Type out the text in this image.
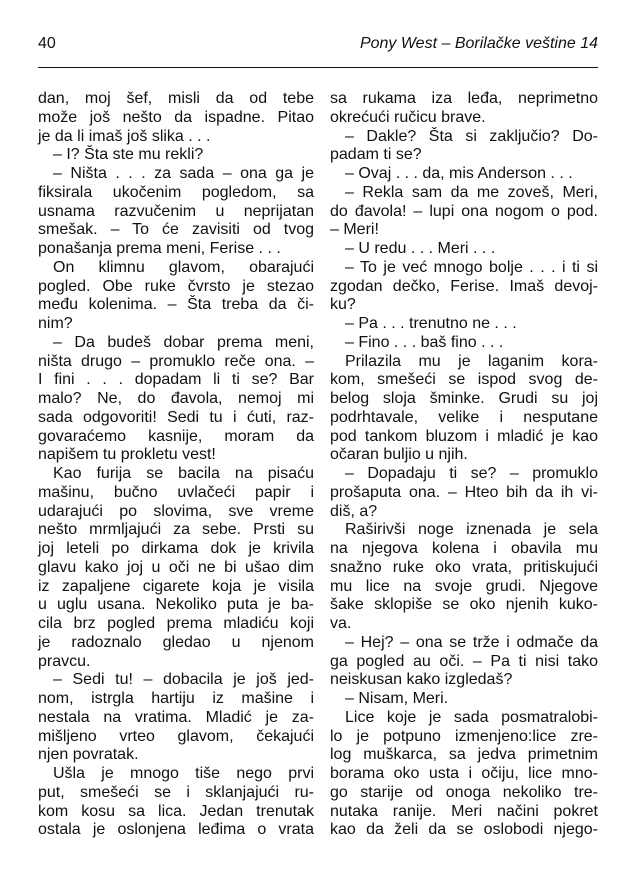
40	Pony West – Borilačke veštine 14
dan, moj šef, misli da od tebe
može još nešto da ispadne. Pitao
je da li imaš još slika . . .
– I? Šta ste mu rekli?
– Ništa . . . za sada – ona ga je
fiksirala ukočenim pogledom, sa
usnama razvučenim u neprijatan
smešak. – To će zavisiti od tvog
ponašanja prema meni, Ferise . . .
On klimnu glavom, obarajući
pogled. Obe ruke čvrsto je stezao
među kolenima. – Šta treba da či-
nim?
– Da budeš dobar prema meni,
ništa drugo – promuklo reče ona. –
I fini . . . dopadam li ti se? Bar
malo? Ne, do đavola, nemoj mi
sada odgovoriti! Sedi tu i ćuti, raz-
govaraćemo kasnije, moram da
napišem tu prokletu vest!
Kao furija se bacila na pisaću
mašinu, bučno uvlačeći papir i
udarajući po slovima, sve vreme
nešto mrmljajući za sebe. Prsti su
joj leteli po dirkama dok je krivila
glavu kako joj u oči ne bi ušao dim
iz zapaljene cigarete koja je visila
u uglu usana. Nekoliko puta je ba-
cila brz pogled prema mladiću koji
je radoznalo gledao u njenom
pravcu.
– Sedi tu! – dobacila je još jed-
nom, istrgla hartiju iz mašine i
nestala na vratima. Mladić je za-
mišljeno vrteo glavom, čekajući
njen povratak.
Ušla je mnogo tiše nego prvi
put, smešeći se i sklanjajući ru-
kom kosu sa lica. Jedan trenutak
ostala je oslonjena leđima o vrata
sa rukama iza leđa, neprimetno
okrećući ručicu brave.
– Dakle? Šta si zaključio? Do-
padam ti se?
– Ovaj . . . da, mis Anderson . . .
– Rekla sam da me zoveš, Meri,
do đavola! – lupi ona nogom o pod.
– Meri!
– U redu . . . Meri . . .
– To je već mnogo bolje . . . i ti si
zgodan dečko, Ferise. Imaš devoj-
ku?
– Pa . . . trenutno ne . . .
– Fino . . . baš fino . . .
Prilazila mu je laganim kora-
kom, smešeći se ispod svog de-
belog sloja šminke. Grudi su joj
podrhtavale, velike i nesputane
pod tankom bluzom i mladić je kao
očaran buljio u njih.
– Dopadaju ti se? – promuklo
prošaputa ona. – Hteo bih da ih vi-
diš, a?
Raširivši noge iznenada je sela
na njegova kolena i obavila mu
snažno ruke oko vrata, pritiskujući
mu lice na svoje grudi. Njegove
šake sklopiše se oko njenih kuko-
va.
– Hej? – ona se trže i odmače da
ga pogled au oči. – Pa ti nisi tako
neiskusan kako izgledaš?
– Nisam, Meri.
Lice koje je sada posmatralobi-
lo je potpuno izmenjeno:lice zre-
log muškarca, sa jedva primetnim
borama oko usta i očiju, lice mno-
go starije od onoga nekoliko tre-
nutaka ranije. Meri načini pokret
kao da želi da se oslobodi njego-
